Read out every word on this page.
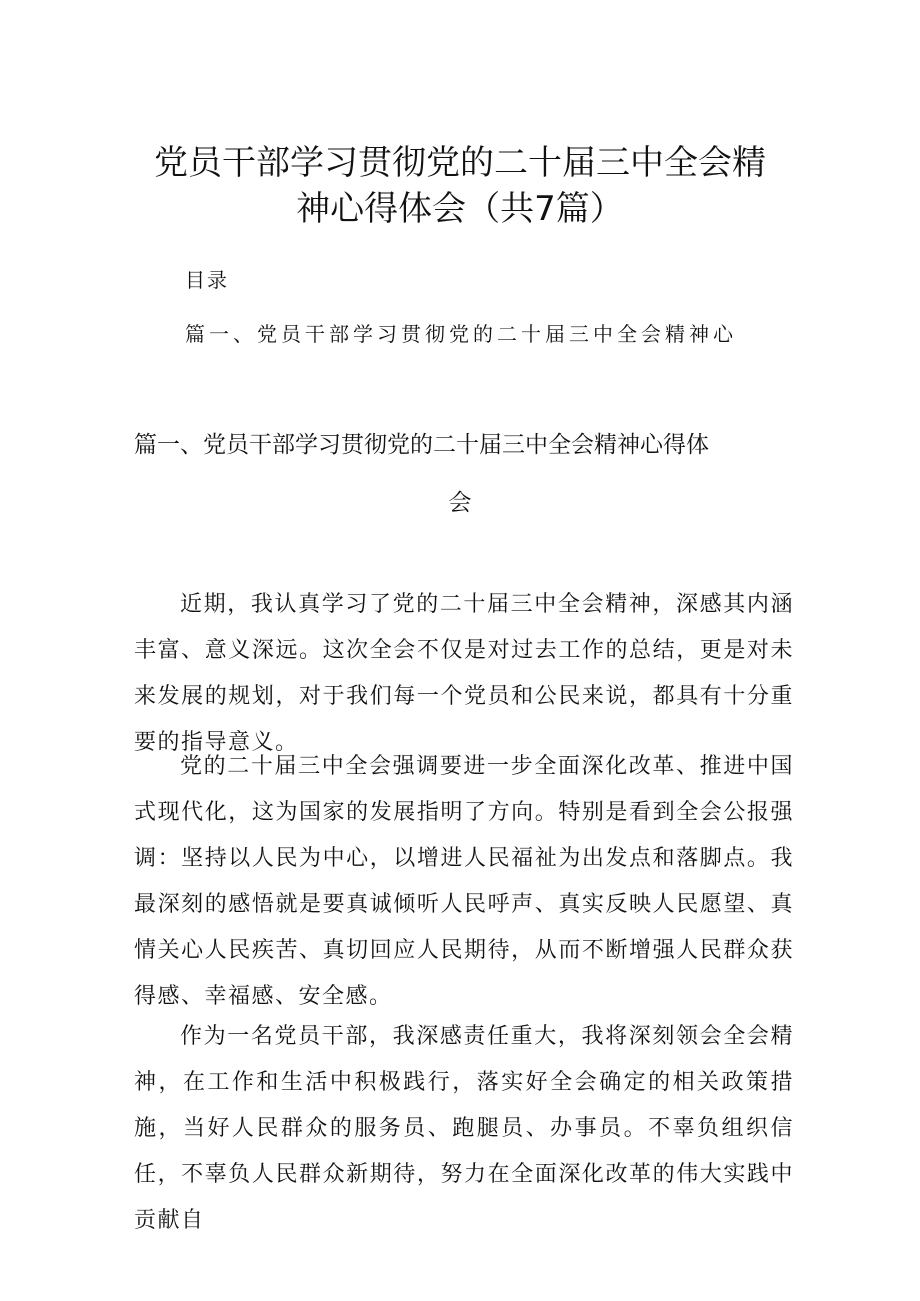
党员干部学习贯彻党的二十届三中全会精
神心得体会（共7篇）
目录
篇一、党员干部学习贯彻党的二十届三中全会精神心
篇一、党员干部学习贯彻党的二十届三中全会精神心得体
会

近期，我认真学习了党的二十届三中全会精神，深感其内涵丰富、意义深远。这次全会不仅是对过去工作的总结，更是对未来发展的规划，对于我们每一个党员和公民来说，都具有十分重要的指导意义。

党的二十届三中全会强调要进一步全面深化改革、推进中国式现代化，这为国家的发展指明了方向。特别是看到全会公报强调：坚持以人民为中心，以增进人民福祉为出发点和落脚点。我最深刻的感悟就是要真诚倾听人民呼声、真实反映人民愿望、真情关心人民疾苦、真切回应人民期待，从而不断增强人民群众获得感、幸福感、安全感。

作为一名党员干部，我深感责任重大，我将深刻领会全会精神，在工作和生活中积极践行，落实好全会确定的相关政策措施，当好人民群众的服务员、跑腿员、办事员。不辜负组织信任，不辜负人民群众新期待，努力在全面深化改革的伟大实践中贡献自
